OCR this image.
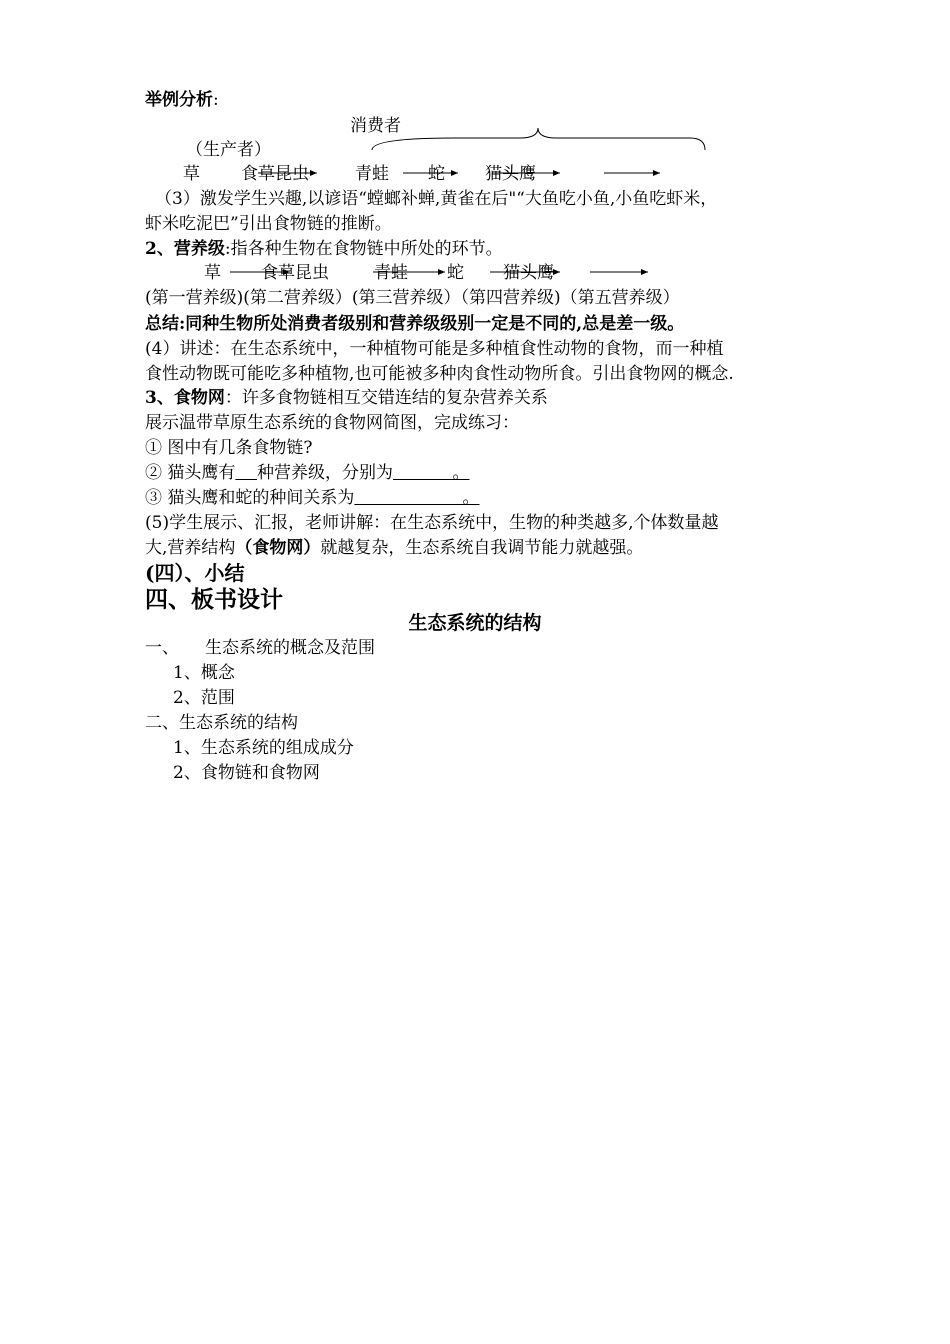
举例分析:
消费者
（生产者）
草 食草昆虫	青蛙 蛇 猫头鹰
（3）激发学生兴趣,以谚语“螳螂补蝉,黄雀在后"“大鱼吃小鱼,小鱼吃虾米，
虾米吃泥巴”引出食物链的推断。
2、营养级:指各种生物在食物链中所处的环节。
草 食草昆虫	青蛙 蛇 猫头鹰
(第一营养级)(第二营养级）(第三营养级）（第四营养级)（第五营养级）
总结:同种生物所处消费者级别和营养级级别一定是不同的,总是差一级。
(4）讲述：在生态系统中，一种植物可能是多种植食性动物的食物，而一种植
食性动物既可能吃多种植物,也可能被多种肉食性动物所食。引出食物网的概念.
3、食物网：许多食物链相互交错连结的复杂营养关系
展示温带草原生态系统的食物网简图，完成练习：
① 图中有几条食物链?
② 猫头鹰有 种营养级，分别为           。
③ 猫头鹰和蛇的种间关系为                    。
(5)学生展示、汇报，老师讲解：在生态系统中，生物的种类越多,个体数量越
大,营养结构（食物网）就越复杂，生态系统自我调节能力就越强。
(四）、小结
四、板书设计
生态系统的结构
一、 生态系统的概念及范围
1、概念
2、范围
二、生态系统的结构
1、生态系统的组成成分
2、食物链和食物网
